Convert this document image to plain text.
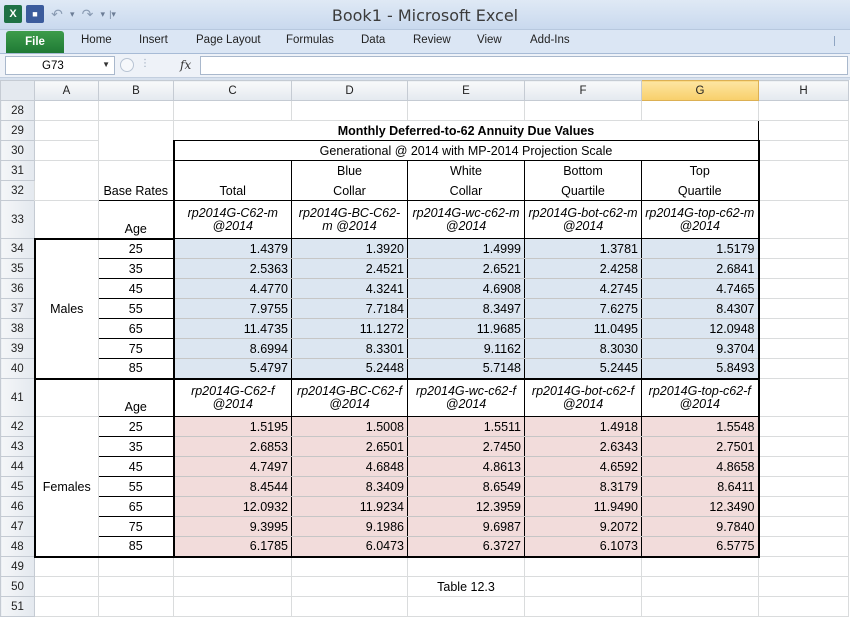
X	■ ↶ ▾ ↷ ▾ |▾	Book1 - Microsoft Excel
File	Home Insert Page Layout Formulas Data Review View Add-Ins
G73	▼	⋮	fx
	A	B	C	D	E	F	G	H
28								
29			Monthly Deferred-to-62 Annuity Due Values					
30			Generational @ 2014 with MP-2014 Projection Scale					
31		Base Rates		Blue	White	Bottom	Top	
32			Total	Collar	Collar	Quartile	Quartile	
33		Age	rp2014G-C62-m @2014	rp2014G-BC-C62-m @2014	rp2014G-wc-c62-m @2014	rp2014G-bot-c62-m @2014	rp2014G-top-c62-m @2014	
34		25	1.4379	1.3920	1.4999	1.3781	1.5179	
35		35	2.5363	2.4521	2.6521	2.4258	2.6841	
36		45	4.4770	4.3241	4.6908	4.2745	4.7465	
37	Males	55	7.9755	7.7184	8.3497	7.6275	8.4307	
38		65	11.4735	11.1272	11.9685	11.0495	12.0948	
39		75	8.6994	8.3301	9.1162	8.3030	9.3704	
40		85	5.4797	5.2448	5.7148	5.2445	5.8493	
41		Age	rp2014G-C62-f @2014	rp2014G-BC-C62-f @2014	rp2014G-wc-c62-f @2014	rp2014G-bot-c62-f @2014	rp2014G-top-c62-f @2014	
42		25	1.5195	1.5008	1.5511	1.4918	1.5548	
43		35	2.6853	2.6501	2.7450	2.6343	2.7501	
44		45	4.7497	4.6848	4.8613	4.6592	4.8658	
45	Females	55	8.4544	8.3409	8.6549	8.3179	8.6411	
46		65	12.0932	11.9234	12.3959	11.9490	12.3490	
47		75	9.3995	9.1986	9.6987	9.2072	9.7840	
48		85	6.1785	6.0473	6.3727	6.1073	6.5775	
49								
50					Table 12.3			
51								
